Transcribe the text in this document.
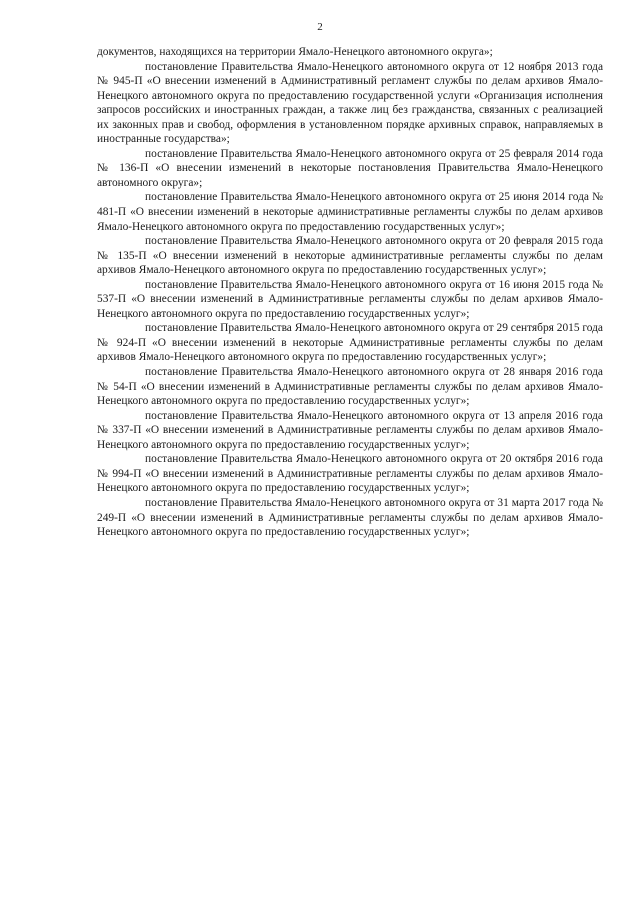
2

документов, находящихся на территории Ямало-Ненецкого автономного округа»;

постановление Правительства Ямало-Ненецкого автономного округа от 12 ноября 2013 года № 945-П «О внесении изменений в Административный регламент службы по делам архивов Ямало-Ненецкого автономного округа по предоставлению государственной услуги «Организация исполнения запросов российских и иностранных граждан, а также лиц без гражданства, связанных с реализацией их законных прав и свобод, оформления в установленном порядке архивных справок, направляемых в иностранные государства»;

постановление Правительства Ямало-Ненецкого автономного округа от 25 февраля 2014 года № 136-П «О внесении изменений в некоторые постановления Правительства Ямало-Ненецкого автономного округа»;

постановление Правительства Ямало-Ненецкого автономного округа от 25 июня 2014 года № 481-П «О внесении изменений в некоторые административные регламенты службы по делам архивов Ямало-Ненецкого автономного округа по предоставлению государственных услуг»;

постановление Правительства Ямало-Ненецкого автономного округа от 20 февраля 2015 года № 135-П «О внесении изменений в некоторые административные регламенты службы по делам архивов Ямало-Ненецкого автономного округа по предоставлению государственных услуг»;

постановление Правительства Ямало-Ненецкого автономного округа от 16 июня 2015 года № 537-П «О внесении изменений в Административные регламенты службы по делам архивов Ямало-Ненецкого автономного округа по предоставлению государственных услуг»;

постановление Правительства Ямало-Ненецкого автономного округа от 29 сентября 2015 года № 924-П «О внесении изменений в некоторые Административные регламенты службы по делам архивов Ямало-Ненецкого автономного округа по предоставлению государственных услуг»;

постановление Правительства Ямало-Ненецкого автономного округа от 28 января 2016 года № 54-П «О внесении изменений в Административные регламенты службы по делам архивов Ямало-Ненецкого автономного округа по предоставлению государственных услуг»;

постановление Правительства Ямало-Ненецкого автономного округа от 13 апреля 2016 года № 337-П «О внесении изменений в Административные регламенты службы по делам архивов Ямало-Ненецкого автономного округа по предоставлению государственных услуг»;

постановление Правительства Ямало-Ненецкого автономного округа от 20 октября 2016 года № 994-П «О внесении изменений в Административные регламенты службы по делам архивов Ямало-Ненецкого автономного округа по предоставлению государственных услуг»;

постановление Правительства Ямало-Ненецкого автономного округа от 31 марта 2017 года № 249-П «О внесении изменений в Административные регламенты службы по делам архивов Ямало-Ненецкого автономного округа по предоставлению государственных услуг»;
